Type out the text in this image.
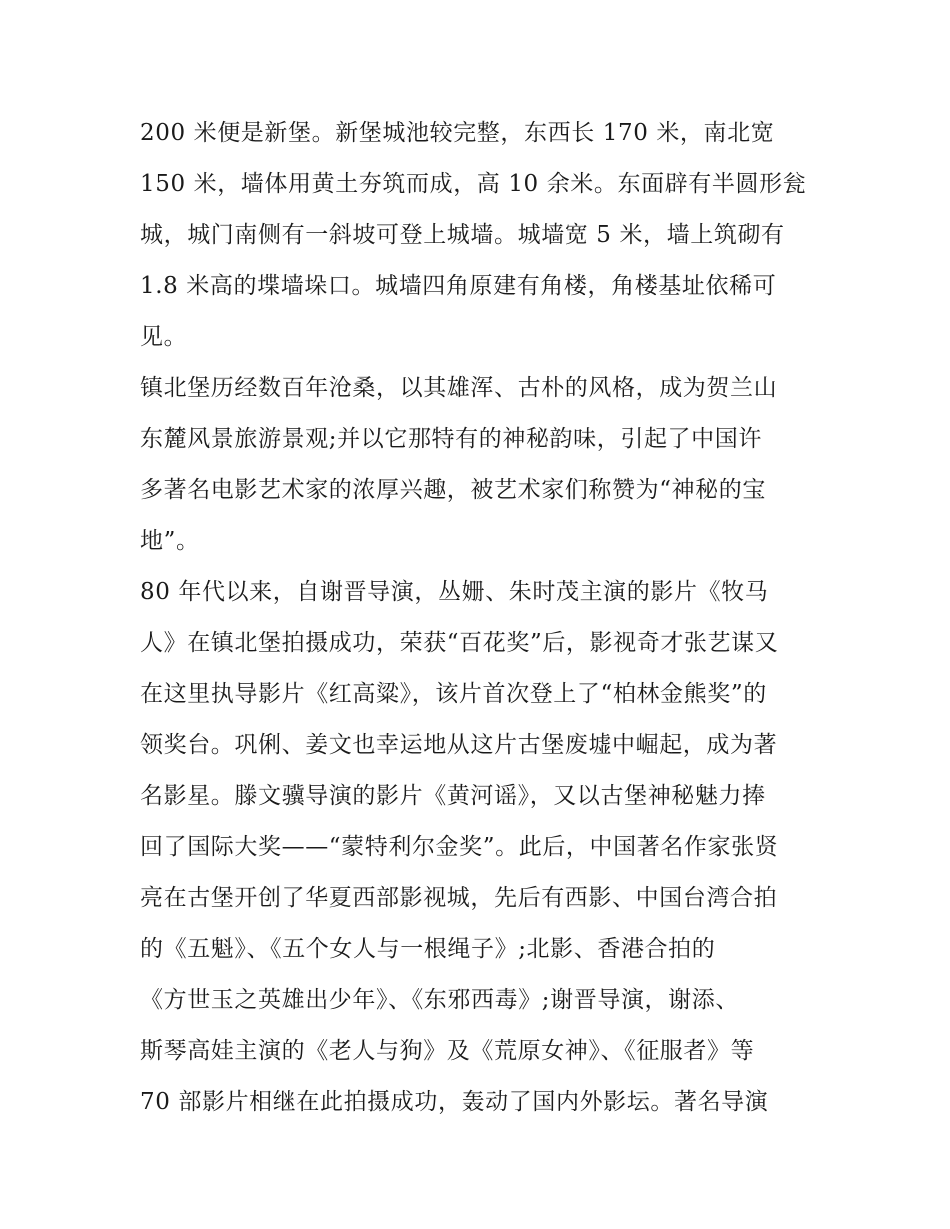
200 米便是新堡。新堡城池较完整，东西长 170 米，南北宽
150 米，墙体用黄土夯筑而成，高 10 余米。东面辟有半圆形瓮
城，城门南侧有一斜坡可登上城墙。城墙宽 5 米，墙上筑砌有
1.8 米高的堞墙垛口。城墙四角原建有角楼，角楼基址依稀可
见。
镇北堡历经数百年沧桑，以其雄浑、古朴的风格，成为贺兰山
东麓风景旅游景观;并以它那特有的神秘韵味，引起了中国许
多著名电影艺术家的浓厚兴趣，被艺术家们称赞为“神秘的宝
地”。
80 年代以来，自谢晋导演，丛姗、朱时茂主演的影片《牧马
人》在镇北堡拍摄成功，荣获“百花奖”后，影视奇才张艺谋又
在这里执导影片《红高粱》，该片首次登上了“柏林金熊奖”的
领奖台。巩俐、姜文也幸运地从这片古堡废墟中崛起，成为著
名影星。滕文骥导演的影片《黄河谣》，又以古堡神秘魅力捧
回了国际大奖——“蒙特利尔金奖”。此后，中国著名作家张贤
亮在古堡开创了华夏西部影视城，先后有西影、中国台湾合拍
的《五魁》、《五个女人与一根绳子》;北影、香港合拍的
《方世玉之英雄出少年》、《东邪西毒》;谢晋导演，谢添、
斯琴高娃主演的《老人与狗》及《荒原女神》、《征服者》等
70 部影片相继在此拍摄成功，轰动了国内外影坛。著名导演
